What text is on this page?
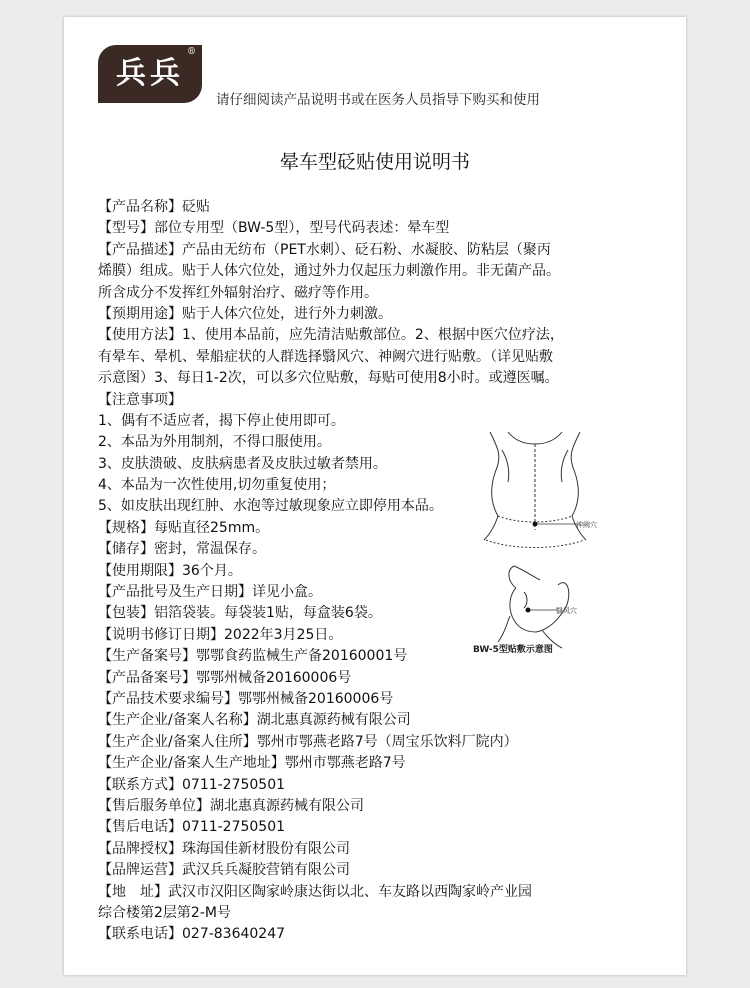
兵兵
®
请仔细阅读产品说明书或在医务人员指导下购买和使用
晕车型砭贴使用说明书
【产品名称】砭贴
【型号】部位专用型（BW-5型），型号代码表述：晕车型
【产品描述】产品由无纺布（PET水刺）、砭石粉、水凝胶、防粘层（聚丙
烯膜）组成。贴于人体穴位处，通过外力仅起压力刺激作用。非无菌产品。
所含成分不发挥红外辐射治疗、磁疗等作用。
【预期用途】贴于人体穴位处，进行外力刺激。
【使用方法】1、使用本品前，应先清洁贴敷部位。2、根据中医穴位疗法，
有晕车、晕机、晕船症状的人群选择翳风穴、神阙穴进行贴敷。（详见贴敷
示意图）3、每日1-2次，可以多穴位贴敷，每贴可使用8小时。或遵医嘱。
【注意事项】
1、偶有不适应者，揭下停止使用即可。
2、本品为外用制剂，不得口服使用。
3、皮肤溃破、皮肤病患者及皮肤过敏者禁用。
4、本品为一次性使用,切勿重复使用；
5、如皮肤出现红肿、水泡等过敏现象应立即停用本品。
【规格】每贴直径25mm。
【储存】密封，常温保存。
【使用期限】36个月。
【产品批号及生产日期】详见小盒。
【包装】铝箔袋装。每袋装1贴，每盒装6袋。
【说明书修订日期】2022年3月25日。
【生产备案号】鄂鄂食药监械生产备20160001号
【产品备案号】鄂鄂州械备20160006号
【产品技术要求编号】鄂鄂州械备20160006号
【生产企业/备案人名称】湖北惠真源药械有限公司
【生产企业/备案人住所】鄂州市鄂燕老路7号（周宝乐饮料厂院内）
【生产企业/备案人生产地址】鄂州市鄂燕老路7号
【联系方式】0711-2750501
【售后服务单位】湖北惠真源药械有限公司
【售后电话】0711-2750501
【品牌授权】珠海国佳新材股份有限公司
【品牌运营】武汉兵兵凝胶营销有限公司
【地　址】武汉市汉阳区陶家岭康达街以北、车友路以西陶家岭产业园
综合楼第2层第2-M号
【联系电话】027-83640247
神阙穴
翳风穴
BW-5型贴敷示意图
